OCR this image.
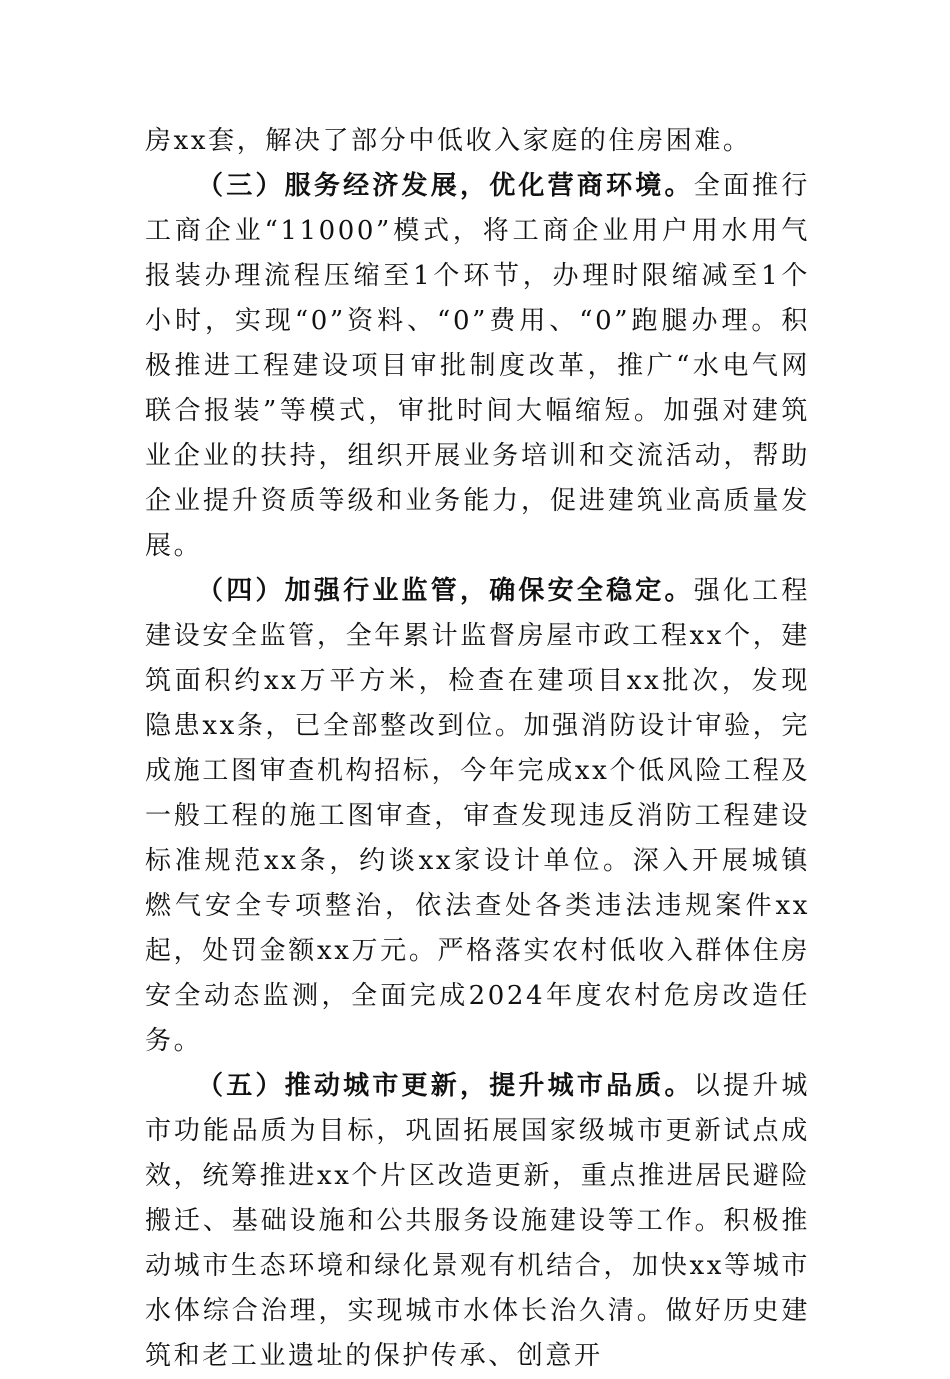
房xx套，解决了部分中低收入家庭的住房困难。

（三）服务经济发展，优化营商环境。全面推行工商企业“11000”模式，将工商企业用户用水用气报装办理流程压缩至1个环节，办理时限缩减至1个小时，实现“0”资料、“0”费用、“0”跑腿办理。积极推进工程建设项目审批制度改革，推广“水电气网联合报装”等模式，审批时间大幅缩短。加强对建筑业企业的扶持，组织开展业务培训和交流活动，帮助企业提升资质等级和业务能力，促进建筑业高质量发展。

（四）加强行业监管，确保安全稳定。强化工程建设安全监管，全年累计监督房屋市政工程xx个，建筑面积约xx万平方米，检查在建项目xx批次，发现隐患xx条，已全部整改到位。加强消防设计审验，完成施工图审查机构招标，今年完成xx个低风险工程及一般工程的施工图审查，审查发现违反消防工程建设标准规范xx条，约谈xx家设计单位。深入开展城镇燃气安全专项整治，依法查处各类违法违规案件xx起，处罚金额xx万元。严格落实农村低收入群体住房安全动态监测，全面完成2024年度农村危房改造任务。

（五）推动城市更新，提升城市品质。以提升城市功能品质为目标，巩固拓展国家级城市更新试点成效，统筹推进xx个片区改造更新，重点推进居民避险搬迁、基础设施和公共服务设施建设等工作。积极推动城市生态环境和绿化景观有机结合，加快xx等城市水体综合治理，实现城市水体长治久清。做好历史建筑和老工业遗址的保护传承、创意开
